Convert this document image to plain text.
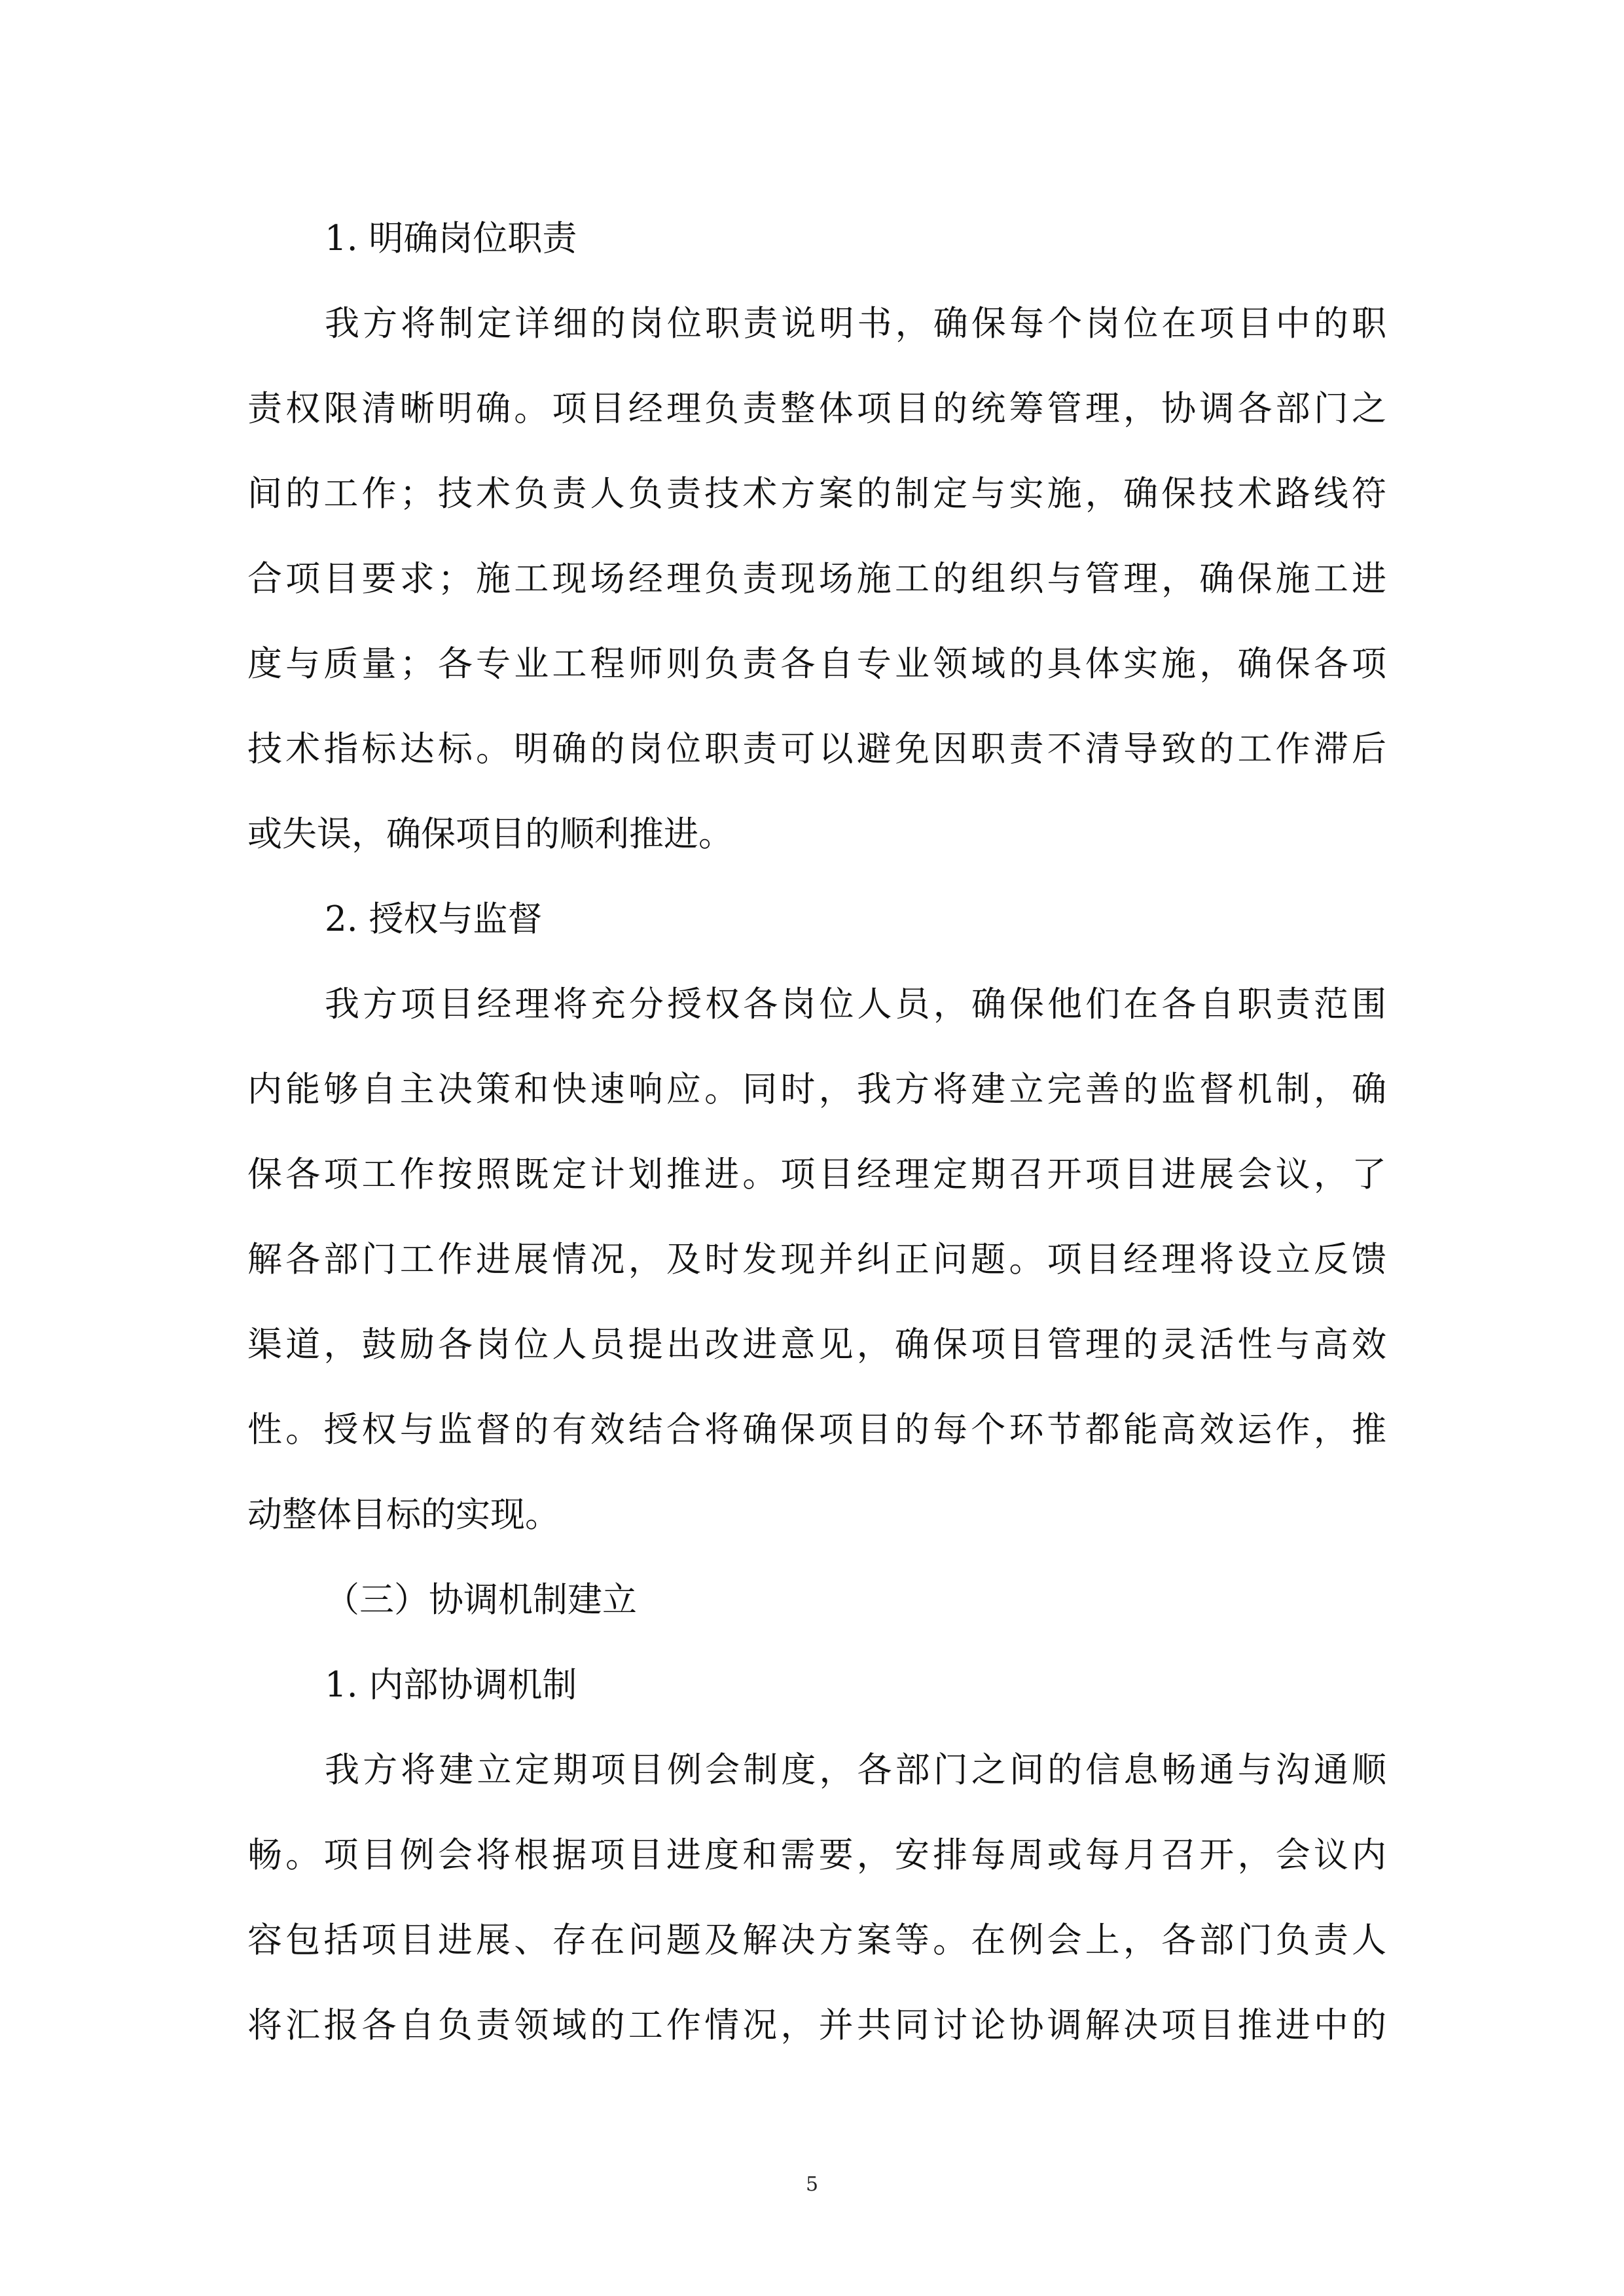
1. 明确岗位职责

我方将制定详细的岗位职责说明书，确保每个岗位在项目中的职

责权限清晰明确。项目经理负责整体项目的统筹管理，协调各部门之

间的工作；技术负责人负责技术方案的制定与实施，确保技术路线符

合项目要求；施工现场经理负责现场施工的组织与管理，确保施工进

度与质量；各专业工程师则负责各自专业领域的具体实施，确保各项

技术指标达标。明确的岗位职责可以避免因职责不清导致的工作滞后

或失误，确保项目的顺利推进。

2. 授权与监督

我方项目经理将充分授权各岗位人员，确保他们在各自职责范围

内能够自主决策和快速响应。同时，我方将建立完善的监督机制，确

保各项工作按照既定计划推进。项目经理定期召开项目进展会议，了

解各部门工作进展情况，及时发现并纠正问题。项目经理将设立反馈

渠道，鼓励各岗位人员提出改进意见，确保项目管理的灵活性与高效

性。授权与监督的有效结合将确保项目的每个环节都能高效运作，推

动整体目标的实现。

（三）协调机制建立

1. 内部协调机制

我方将建立定期项目例会制度，各部门之间的信息畅通与沟通顺

畅。项目例会将根据项目进度和需要，安排每周或每月召开，会议内

容包括项目进展、存在问题及解决方案等。在例会上，各部门负责人

将汇报各自负责领域的工作情况，并共同讨论协调解决项目推进中的

5
